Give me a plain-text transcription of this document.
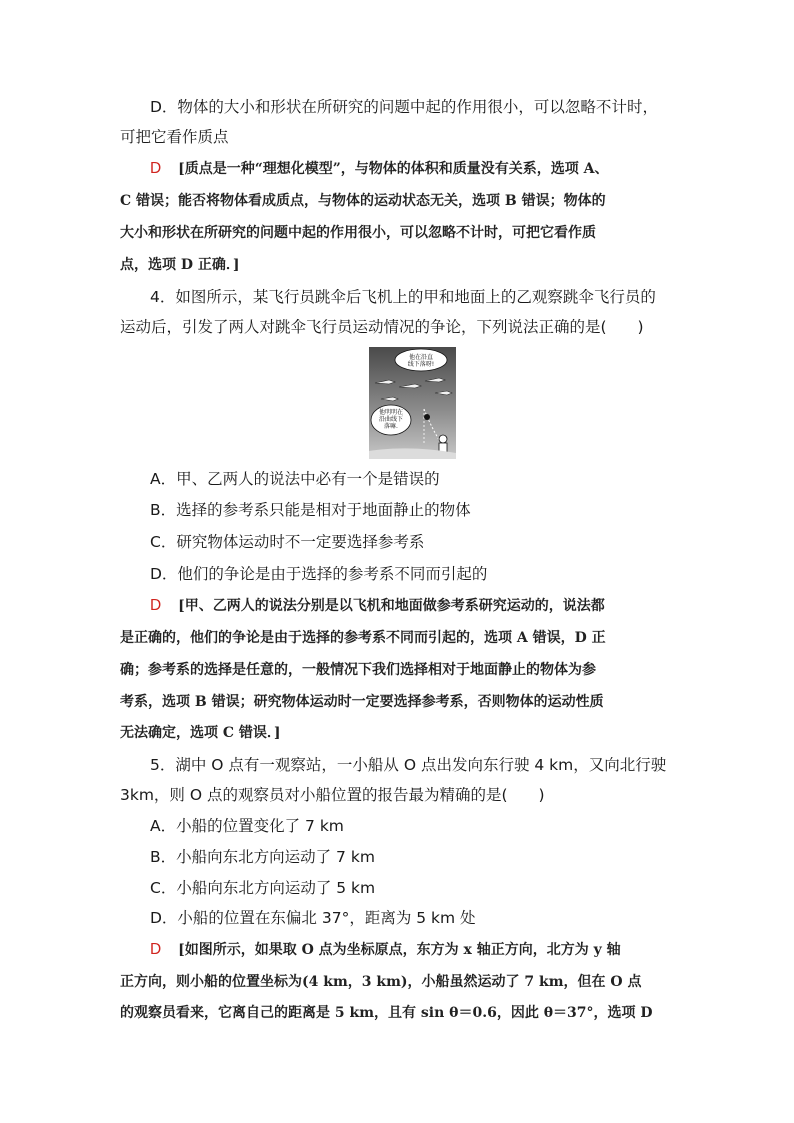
D．物体的大小和形状在所研究的问题中起的作用很小，可以忽略不计时，
可把它看作质点
D [质点是一种“理想化模型”，与物体的体积和质量没有关系，选项 A、
C 错误；能否将物体看成质点，与物体的运动状态无关，选项 B 错误；物体的
大小和形状在所研究的问题中起的作用很小，可以忽略不计时，可把它看作质
点，选项 D 正确．]
4．如图所示，某飞行员跳伞后飞机上的甲和地面上的乙观察跳伞飞行员的
运动后，引发了两人对跳伞飞行员运动情况的争论，下列说法正确的是(　　)
他在沿直
线下落呀!
他明明在
沿曲线下
落嘛.
A．甲、乙两人的说法中必有一个是错误的
B．选择的参考系只能是相对于地面静止的物体
C．研究物体运动时不一定要选择参考系
D．他们的争论是由于选择的参考系不同而引起的
D [甲、乙两人的说法分别是以飞机和地面做参考系研究运动的，说法都
是正确的，他们的争论是由于选择的参考系不同而引起的，选项 A 错误，D 正
确；参考系的选择是任意的，一般情况下我们选择相对于地面静止的物体为参
考系，选项 B 错误；研究物体运动时一定要选择参考系，否则物体的运动性质
无法确定，选项 C 错误．]
5．湖中 O 点有一观察站，一小船从 O 点出发向东行驶 4 km，又向北行驶
3km，则 O 点的观察员对小船位置的报告最为精确的是(　　)
A．小船的位置变化了 7 km
B．小船向东北方向运动了 7 km
C．小船向东北方向运动了 5 km
D．小船的位置在东偏北 37°，距离为 5 km 处
D [如图所示，如果取 O 点为坐标原点，东方为 x 轴正方向，北方为 y 轴
正方向，则小船的位置坐标为(4 km，3 km)，小船虽然运动了 7 km，但在 O 点
的观察员看来，它离自己的距离是 5 km，且有 sin θ＝0.6，因此 θ＝37°，选项 D
